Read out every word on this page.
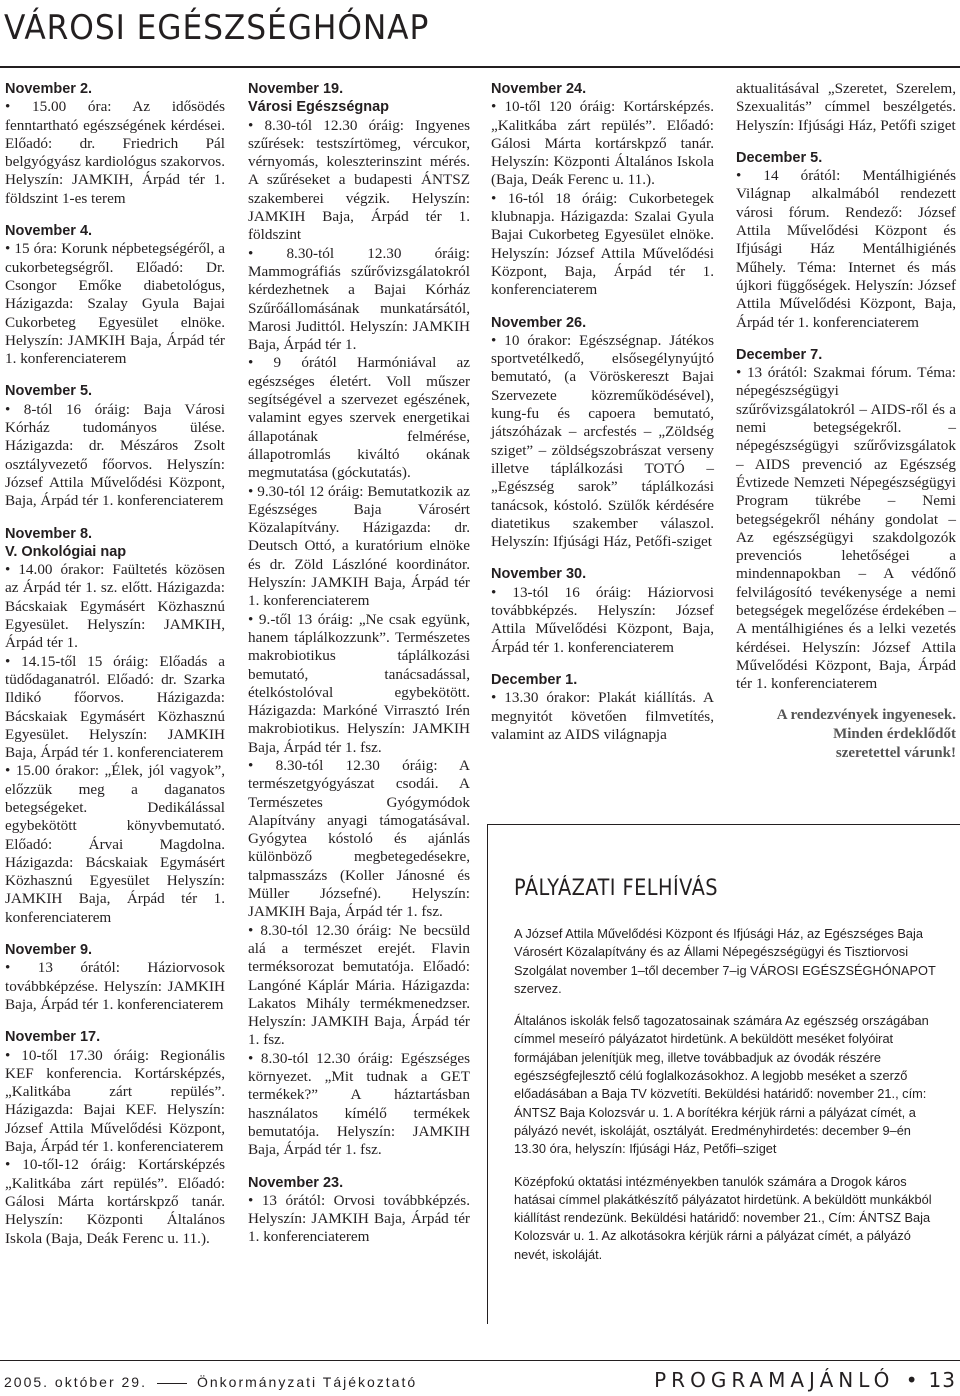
VÁROSI EGÉSZSÉGHÓNAP

November 2.

• 15.00 óra: Az idősödés fenntartható egészségének kérdései. Előadó: dr. Friedrich Pál belgyógyász kardiológus szakorvos. Helyszín: JAMKIH, Árpád tér 1. földszint 1-es terem

November 4.

• 15 óra: Korunk népbetegségéről, a cukorbetegségről. Előadó: Dr. Csongor Emőke diabetológus, Házigazda: Szalay Gyula Bajai Cukorbeteg Egyesület elnöke. Helyszín: JAMKIH Baja, Árpád tér 1. konferenciaterem

November 5.

• 8-tól 16 óráig: Baja Városi Kórház tudományos ülése. Házigazda: dr. Mészáros Zsolt osztályvezető főorvos. Helyszín: József Attila Művelődési Központ, Baja, Árpád tér 1. konferenciaterem

November 8.

V. Onkológiai nap

• 14.00 órakor: Faültetés közösen az Árpád tér 1. sz. előtt. Házigazda: Bácskaiak Egymásért Közhasznú Egyesület. Helyszín: JAMKIH, Árpád tér 1.

• 14.15-től 15 óráig: Előadás a tüdődaganatról. Előadó: dr. Szarka Ildikó főorvos. Házigazda: Bácskaiak Egymásért Közhasznú Egyesület. Helyszín: JAMKIH Baja, Árpád tér 1. konferenciaterem

• 15.00 órakor: „Élek, jól vagyok”, előzzük meg a daganatos betegségeket. Dedikálással egybekötött könyvbemutató. Előadó: Árvai Magdolna. Házigazda: Bácskaiak Egymásért Közhasznú Egyesület Helyszín: JAMKIH Baja, Árpád tér 1. konferenciaterem

November 9.

• 13 órától: Háziorvosok továbbképzése. Helyszín: JAMKIH Baja, Árpád tér 1. konferenciaterem

November 17.

• 10-től 17.30 óráig: Regionális KEF konferencia. Kortársképzés, „Kalitkába zárt repülés”. Házigazda: Bajai KEF. Helyszín: József Attila Művelődési Központ, Baja, Árpád tér 1. konferenciaterem

• 10-től-12 óráig: Kortársképzés „Kalitkába zárt repülés”. Előadó: Gálosi Márta kortárskpző tanár. Helyszín: Központi Általános Iskola (Baja, Deák Ferenc u. 11.).

November 19.

Városi Egészségnap

• 8.30-tól 12.30 óráig: Ingyenes szűrések: testszírtömeg, vércukor, vérnyomás, koleszterinszint mérés. A szűréseket a budapesti ÁNTSZ szakemberei végzik. Helyszín: JAMKIH Baja, Árpád tér 1. földszint

• 8.30-tól 12.30 óráig: Mammográfiás szűrővizsgálatokról kérdezhetnek a Bajai Kórház Szűrőállomásának munkatársától, Marosi Judittól. Helyszín: JAMKIH Baja, Árpád tér 1.

• 9 órától Harmóniával az egészséges életért. Voll műszer segítségével a szervezet egészének, valamint egyes szervek energetikai állapotának felmérése, állapotromlás kiváltó okának megmutatása (góckutatás).

• 9.30-tól 12 óráig: Bemutatkozik az Egészséges Baja Városért Közalapítvány. Házigazda: dr. Deutsch Ottó, a kuratórium elnöke és dr. Zöld Lászlóné koordinátor. Helyszín: JAMKIH Baja, Árpád tér 1. konferenciaterem

• 9.-től 13 óráig: „Ne csak együnk, hanem táplálkozzunk”. Természetes makrobiotikus táplálkozási bemutató, tanácsadással, ételkóstolóval egybekötött. Házigazda: Markóné Virrasztó Irén makrobiotikus. Helyszín: JAMKIH Baja, Árpád tér 1. fsz.

• 8.30-tól 12.30 óráig: A természetgyógyászat csodái. A Természetes Gyógymódok Alapítvány anyagi támogatásával. Gyógytea kóstoló és ajánlás különböző megbetegedésekre, talpmasszázs (Koller Jánosné és Müller Józsefné). Helyszín: JAMKIH Baja, Árpád tér 1. fsz.

• 8.30-tól 12.30 óráig: Ne becsüld alá a természet erejét. Flavin terméksorozat bemutatója. Előadó: Langóné Káplár Mária. Házigazda: Lakatos Mihály termékmenedzser. Helyszín: JAMKIH Baja, Árpád tér 1. fsz.

• 8.30-tól 12.30 óráig: Egészséges környezet. „Mit tudnak a GET termékek?” A háztartásban használatos kímélő termékek bemutatója. Helyszín: JAMKIH Baja, Árpád tér 1. fsz.

November 23.

• 13 órától: Orvosi továbbképzés. Helyszín: JAMKIH Baja, Árpád tér 1. konferenciaterem

November 24.

• 10-től 120 óráig: Kortársképzés. „Kalitkába zárt repülés”. Előadó: Gálosi Márta kortárskpző tanár. Helyszín: Központi Általános Iskola (Baja, Deák Ferenc u. 11.).

• 16-tól 18 óráig: Cukorbetegek klubnapja. Házigazda: Szalai Gyula Bajai Cukorbeteg Egyesület elnöke. Helyszín: József Attila Művelődési Központ, Baja, Árpád tér 1. konferenciaterem

November 26.

• 10 órakor: Egészségnap. Játékos sportvetélkedő, elsősegélynyújtó bemutató, (a Vöröskereszt Bajai Szervezete közreműködésével), kung-fu és capoera bemutató, játszóházak – arcfestés – „Zöldség sziget” – zöldségszobrászat verseny illetve táplálkozási TOTÓ – „Egészség sarok” táplálkozási tanácsok, kóstoló. Szülők kérdésére diatetikus szakember válaszol. Helyszín: Ifjúsági Ház, Petőfi-sziget

November 30.

• 13-tól 16 óráig: Háziorvosi továbbképzés. Helyszín: József Attila Művelődési Központ, Baja, Árpád tér 1. konferenciaterem

December 1.

• 13.30 órakor: Plakát kiállítás. A megnyitót követően filmvetítés, valamint az AIDS világnapja

aktualitásával „Szeretet, Szerelem, Szexualitás” címmel beszélgetés. Helyszín: Ifjúsági Ház, Petőfi sziget

December 5.

• 14 órától: Mentálhigiénés Világnap alkalmából rendezett városi fórum. Rendező: József Attila Művelődési Központ és Ifjúsági Ház Mentálhigiénés Műhely. Téma: Internet és más újkori függőségek. Helyszín: József Attila Művelődési Központ, Baja, Árpád tér 1. konferenciaterem

December 7.

• 13 órától: Szakmai fórum. Téma: népegészségügyi szűrővizsgálatokról – AIDS-ről és a nemi betegségekről. – népegészségügyi szűrővizsgálatok – AIDS prevenció az Egészség Évtizede Nemzeti Népegészségügyi Program tükrébe – Nemi betegségekről néhány gondolat – Az egészségügyi szakdolgozók prevenciós lehetőségei a mindennapokban – A védőnő felvilágosító tevékenysége a nemi betegségek megelőzése érdekében – A mentálhigiénes és a lelki vezetés kérdései. Helyszín: József Attila Művelődési Központ, Baja, Árpád tér 1. konferenciaterem

A rendezvények ingyenesek.
Minden érdeklődőt
szeretettel várunk!
PÁLYÁZATI FELHÍVÁS

A József Attila Művelődési Központ és Ifjúsági Ház, az Egészséges Baja Városért Közalapítvány és az Állami Népegészségügyi és Tisztiorvosi Szolgálat november 1–től december 7–ig VÁROSI EGÉSZSÉGHÓNAPOT szervez.

Általános iskolák felső tagozatosainak számára Az egészség országában címmel meseíró pályázatot hirdetünk. A beküldött meséket folyóirat formájában jelenítjük meg, illetve továbbadjuk az óvodák részére egészségfejlesztő célú foglalkozásokhoz. A legjobb meséket a szerző előadásában a Baja TV közvetíti. Beküldési határidő: november 21., cím: ÁNTSZ Baja Kolozsvár u. 1. A borítékra kérjük rárni a pályázat címét, a pályázó nevét, iskoláját, osztályát. Eredményhirdetés: december 9–én 13.30 óra, helyszín: Ifjúsági Ház, Petőfi–sziget

Középfokú oktatási intézményekben tanulók számára a Drogok káros hatásai címmel plakátkészítő pályázatot hirdetünk. A beküldött munkákból kiállítást rendezünk. Beküldési határidő: november 21., Cím: ÁNTSZ Baja Kolozsvár u. 1. Az alkotásokra kérjük rárni a pályázat címét, a pályázó nevét, iskoláját.

2005. október 29.	Önkormányzati Tájékoztató	PROGRAMAJÁNLÓ • 13
